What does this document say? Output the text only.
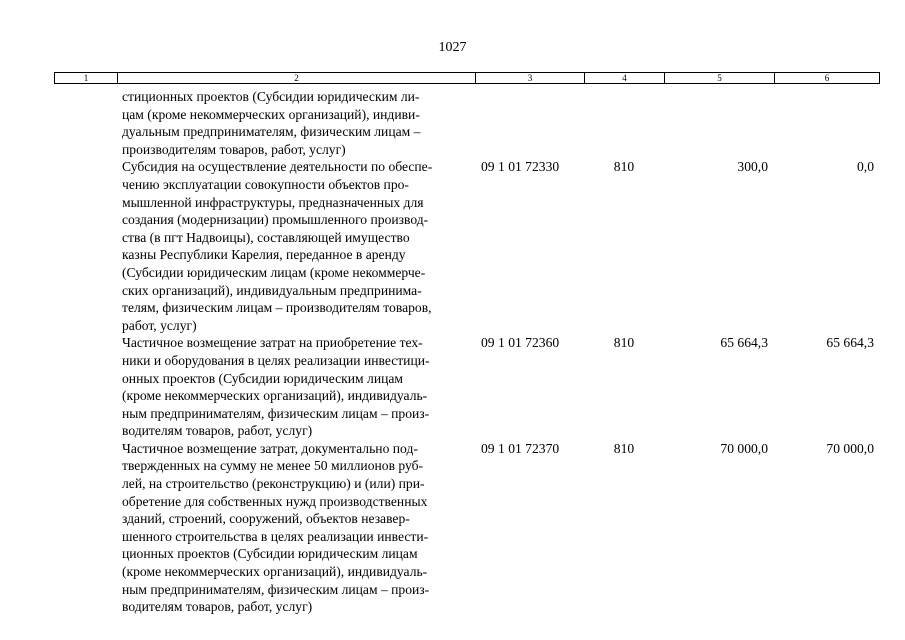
1027
1	2	3	4	5	6
стиционных проектов (Субсидии юридическим ли-
цам (кроме некоммерческих организаций), индиви-
дуальным предпринимателям, физическим лицам –
производителям товаров, работ, услуг)
Субсидия на осуществление деятельности по обеспе-
чению эксплуатации совокупности объектов про-
мышленной инфраструктуры, предназначенных для
создания (модернизации) промышленного производ-
ства (в пгт Надвоицы), составляющей имущество
казны Республики Карелия, переданное в аренду
(Субсидии юридическим лицам (кроме некоммерче-
ских организаций), индивидуальным предпринима-
телям, физическим лицам – производителям товаров,
работ, услуг)
09 1 01 72330	810	300,0	0,0
Частичное возмещение затрат на приобретение тех-
ники и оборудования в целях реализации инвестици-
онных проектов (Субсидии юридическим лицам
(кроме некоммерческих организаций), индивидуаль-
ным предпринимателям, физическим лицам – произ-
водителям товаров, работ, услуг)
09 1 01 72360	810	65 664,3	65 664,3
Частичное возмещение затрат, документально под-
твержденных на сумму не менее 50 миллионов руб-
лей, на строительство (реконструкцию) и (или) при-
обретение для собственных нужд производственных
зданий, строений, сооружений, объектов незавер-
шенного строительства в целях реализации инвести-
ционных проектов (Субсидии юридическим лицам
(кроме некоммерческих организаций), индивидуаль-
ным предпринимателям, физическим лицам – произ-
водителям товаров, работ, услуг)
09 1 01 72370	810	70 000,0	70 000,0
